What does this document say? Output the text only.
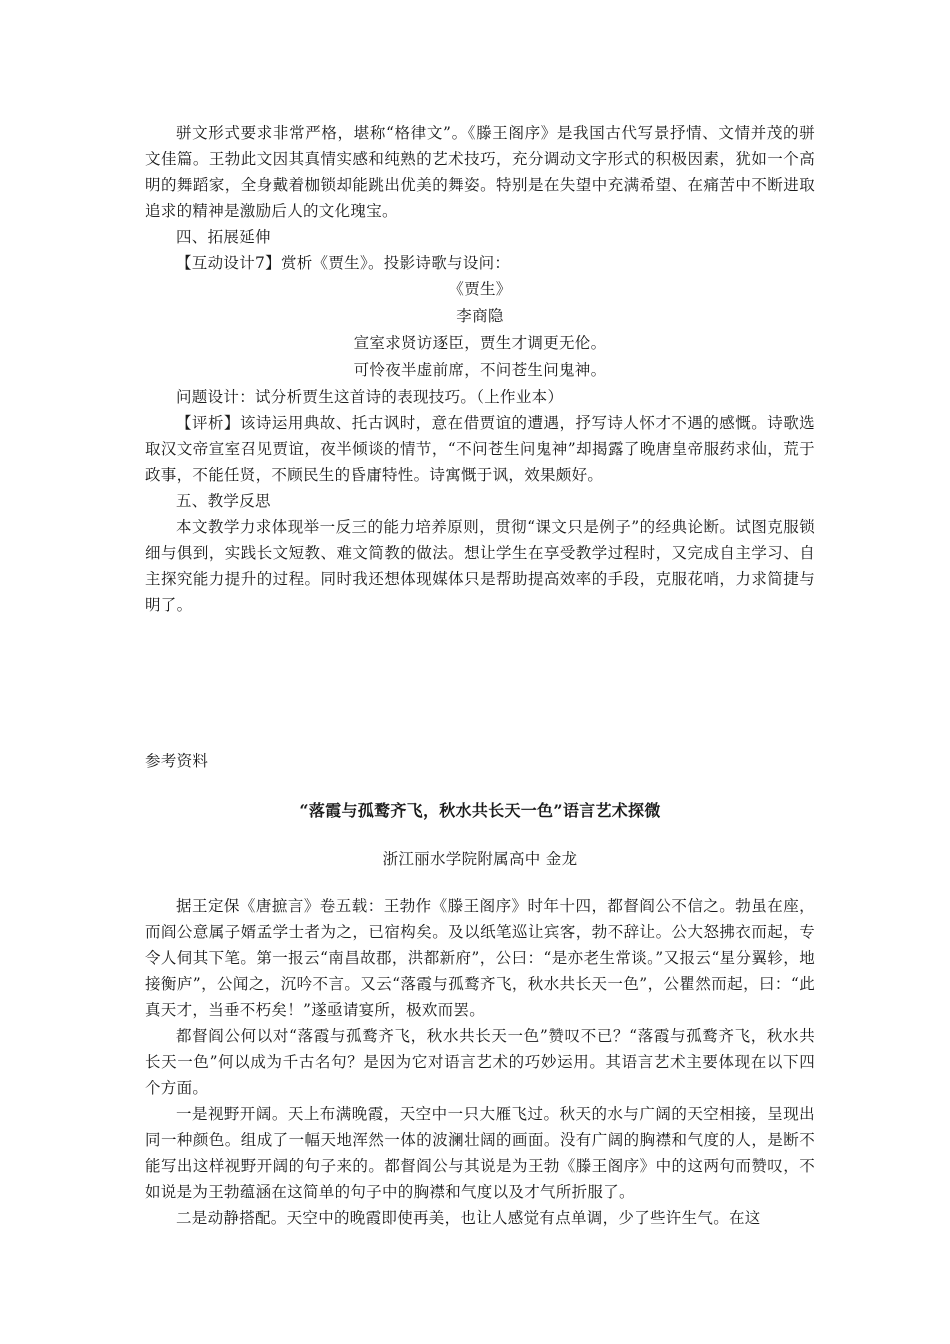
骈文形式要求非常严格，堪称“格律文”。《滕王阁序》是我国古代写景抒情、文情并茂的骈文佳篇。王勃此文因其真情实感和纯熟的艺术技巧，充分调动文字形式的积极因素，犹如一个高明的舞蹈家，全身戴着枷锁却能跳出优美的舞姿。特别是在失望中充满希望、在痛苦中不断进取追求的精神是激励后人的文化瑰宝。

四、拓展延伸

【互动设计7】赏析《贾生》。投影诗歌与设问：

《贾生》

李商隐

宣室求贤访逐臣，贾生才调更无伦。

可怜夜半虚前席，不问苍生问鬼神。

问题设计：试分析贾生这首诗的表现技巧。（上作业本）

【评析】该诗运用典故、托古讽时，意在借贾谊的遭遇，抒写诗人怀才不遇的感慨。诗歌选取汉文帝宣室召见贾谊，夜半倾谈的情节，“不问苍生问鬼神”却揭露了晚唐皇帝服药求仙，荒于政事，不能任贤，不顾民生的昏庸特性。诗寓慨于讽，效果颇好。

五、教学反思

本文教学力求体现举一反三的能力培养原则，贯彻“课文只是例子”的经典论断。试图克服锁细与俱到，实践长文短教、难文简教的做法。想让学生在享受教学过程时，又完成自主学习、自主探究能力提升的过程。同时我还想体现媒体只是帮助提高效率的手段，克服花哨，力求简捷与明了。

参考资料

“落霞与孤鹜齐飞，秋水共长天一色”语言艺术探微

浙江丽水学院附属高中 金龙

据王定保《唐摭言》卷五载：王勃作《滕王阁序》时年十四，都督阎公不信之。勃虽在座，而阎公意属子婿孟学士者为之，已宿构矣。及以纸笔巡让宾客，勃不辞让。公大怒拂衣而起，专令人伺其下笔。第一报云“南昌故郡，洪都新府”，公曰：“是亦老生常谈。”又报云“星分翼轸，地接衡庐”，公闻之，沉吟不言。又云“落霞与孤鹜齐飞，秋水共长天一色”，公瞿然而起，曰：“此真天才，当垂不朽矣！”遂亟请宴所，极欢而罢。

都督阎公何以对“落霞与孤鹜齐飞，秋水共长天一色”赞叹不已？“落霞与孤鹜齐飞，秋水共长天一色”何以成为千古名句？是因为它对语言艺术的巧妙运用。其语言艺术主要体现在以下四个方面。

一是视野开阔。天上布满晚霞，天空中一只大雁飞过。秋天的水与广阔的天空相接，呈现出同一种颜色。组成了一幅天地浑然一体的波澜壮阔的画面。没有广阔的胸襟和气度的人，是断不能写出这样视野开阔的句子来的。都督阎公与其说是为王勃《滕王阁序》中的这两句而赞叹，不如说是为王勃蕴涵在这简单的句子中的胸襟和气度以及才气所折服了。

二是动静搭配。天空中的晚霞即使再美，也让人感觉有点单调，少了些许生气。在这
